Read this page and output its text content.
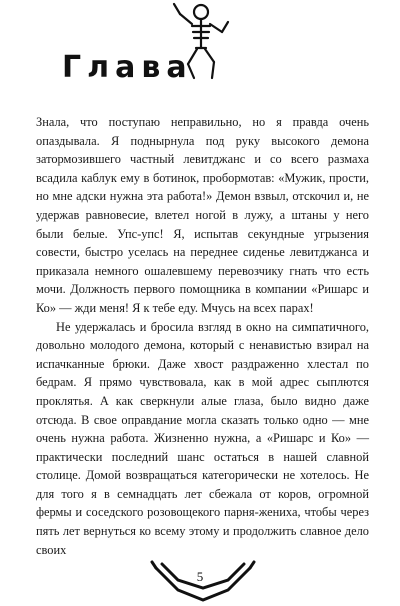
Глава

Знала, что поступаю неправильно, но я правда очень опаздывала. Я поднырнула под руку высокого демона затормозившего частный левитджанс и со всего размаха всадила каблук ему в ботинок, пробормотав: «Мужик, прости, но мне адски нужна эта работа!» Демон взвыл, отскочил и, не удержав равновесие, влетел ногой в лужу, а штаны у него были белые. Упс-упс! Я, испытав секундные угрызения совести, быстро уселась на переднее сиденье левитджанса и приказала немного ошалевшему перевозчику гнать что есть мочи. Должность первого помощника в компании «Ришарс и Ко» — жди меня! Я к тебе еду. Мчусь на всех парах!

Не удержалась и бросила взгляд в окно на симпатичного, довольно молодого демона, который с ненавистью взирал на испачканные брюки. Даже хвост раздраженно хлестал по бедрам. Я прямо чувствовала, как в мой адрес сыплются проклятья. А как сверкнули алые глаза, было видно даже отсюда. В свое оправдание могла сказать только одно — мне очень нужна работа. Жизненно нужна, а «Ришарс и Ко» — практически последний шанс остаться в нашей славной столице. Домой возвращаться категорически не хотелось. Не для того я в семнадцать лет сбежала от коров, огромной фермы и соседского розовощекого парня-жениха, чтобы через пять лет вернуться ко всему этому и продолжить славное дело своих

5
